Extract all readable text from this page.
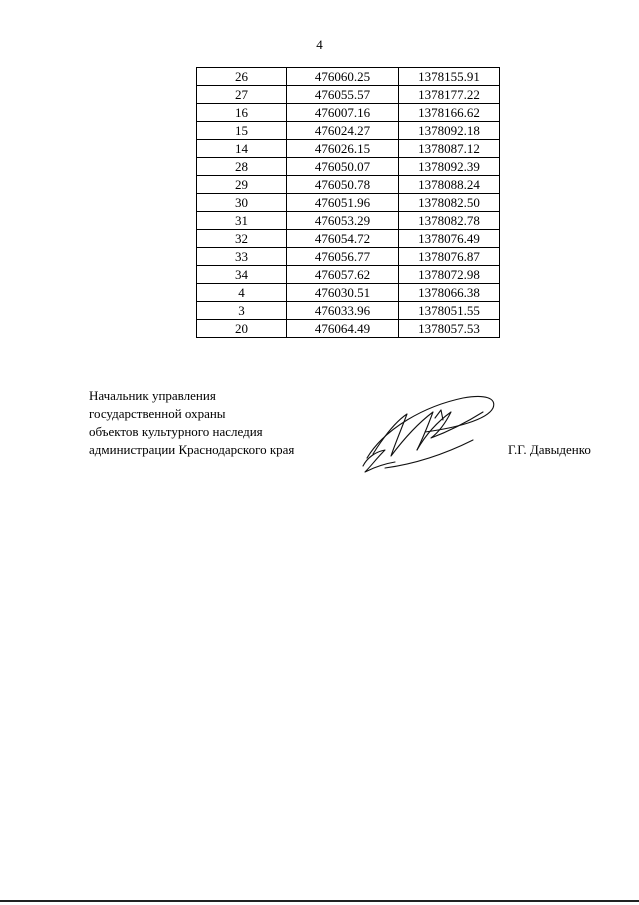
4
26	476060.25	1378155.91
27	476055.57	1378177.22
16	476007.16	1378166.62
15	476024.27	1378092.18
14	476026.15	1378087.12
28	476050.07	1378092.39
29	476050.78	1378088.24
30	476051.96	1378082.50
31	476053.29	1378082.78
32	476054.72	1378076.49
33	476056.77	1378076.87
34	476057.62	1378072.98
4	476030.51	1378066.38
3	476033.96	1378051.55
20	476064.49	1378057.53
Начальник управления
государственной охраны
объектов культурного наследия
администрации Краснодарского края	Г.Г. Давыденко
